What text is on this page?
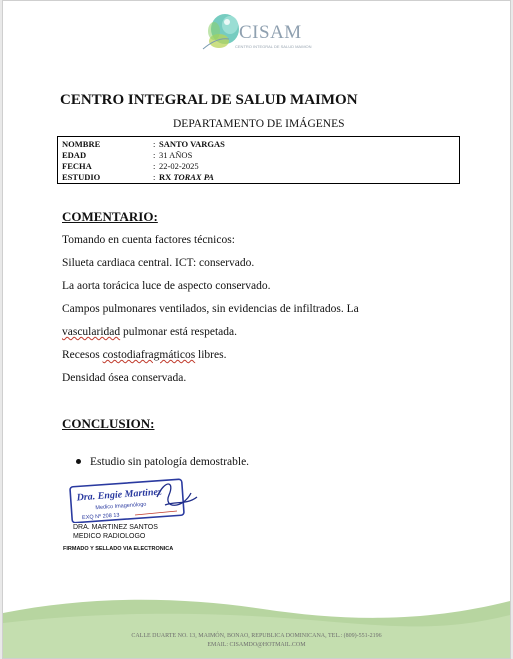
CISAM
CENTRO INTEGRAL DE SALUD MAIMON
CENTRO INTEGRAL DE SALUD MAIMON
DEPARTAMENTO DE IMÁGENES
NOMBRE	: SANTO VARGAS
EDAD	: 31 AÑOS
FECHA	: 22-02-2025
ESTUDIO	: RX TORAX PA
COMENTARIO:
Tomando en cuenta factores técnicos:
Silueta cardiaca central. ICT: conservado.
La aorta torácica luce de aspecto conservado.
Campos pulmonares ventilados, sin evidencias de infiltrados. La
vascularidad pulmonar está respetada.
Recesos costodiafragmáticos libres.
Densidad ósea conservada.
CONCLUSION:
Estudio sin patología demostrable.
Dra. Engie Martinez
Medico Imagenólogo
EXQ Nº 208 13
DRA. MARTINEZ SANTOS
MEDICO RADIOLOGO
FIRMADO Y SELLADO VIA ELECTRONICA
CALLE DUARTE NO. 13, MAIMÓN, BONAO, REPUBLICA DOMINICANA, TEL.: (809)-551-2196
EMAIL: CISAMDO@HOTMAIL.COM
